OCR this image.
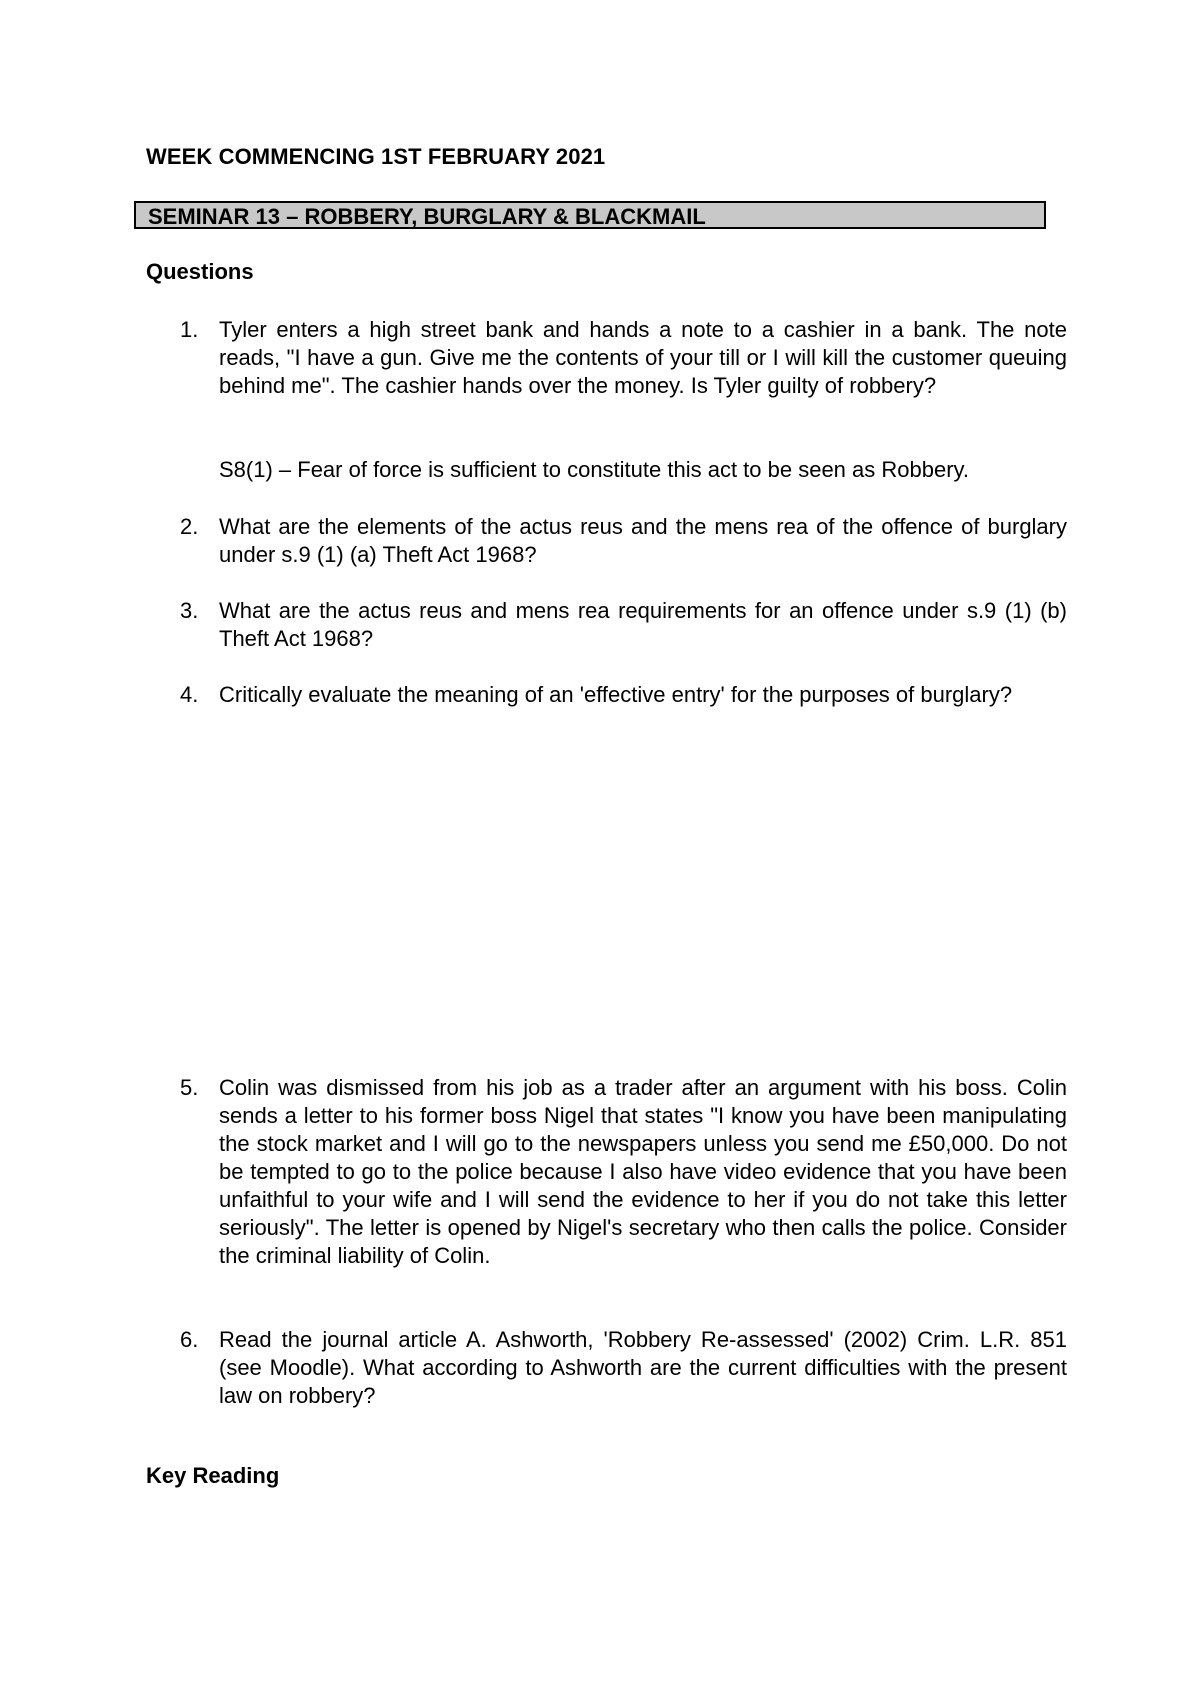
WEEK COMMENCING 1ST FEBRUARY 2021
SEMINAR 13 – ROBBERY, BURGLARY & BLACKMAIL
Questions
1. Tyler enters a high street bank and hands a note to a cashier in a bank. The note reads, "I have a gun. Give me the contents of your till or I will kill the customer queuing behind me". The cashier hands over the money. Is Tyler guilty of robbery?
S8(1) – Fear of force is sufficient to constitute this act to be seen as Robbery.
2. What are the elements of the actus reus and the mens rea of the offence of burglary under s.9 (1) (a) Theft Act 1968?
3. What are the actus reus and mens rea requirements for an offence under s.9 (1) (b) Theft Act 1968?
4. Critically evaluate the meaning of an 'effective entry' for the purposes of burglary?
5. Colin was dismissed from his job as a trader after an argument with his boss. Colin sends a letter to his former boss Nigel that states "I know you have been manipulating the stock market and I will go to the newspapers unless you send me £50,000. Do not be tempted to go to the police because I also have video evidence that you have been unfaithful to your wife and I will send the evidence to her if you do not take this letter seriously". The letter is opened by Nigel's secretary who then calls the police. Consider the criminal liability of Colin.
6. Read the journal article A. Ashworth, 'Robbery Re-assessed' (2002) Crim. L.R. 851 (see Moodle). What according to Ashworth are the current difficulties with the present law on robbery?
Key Reading
